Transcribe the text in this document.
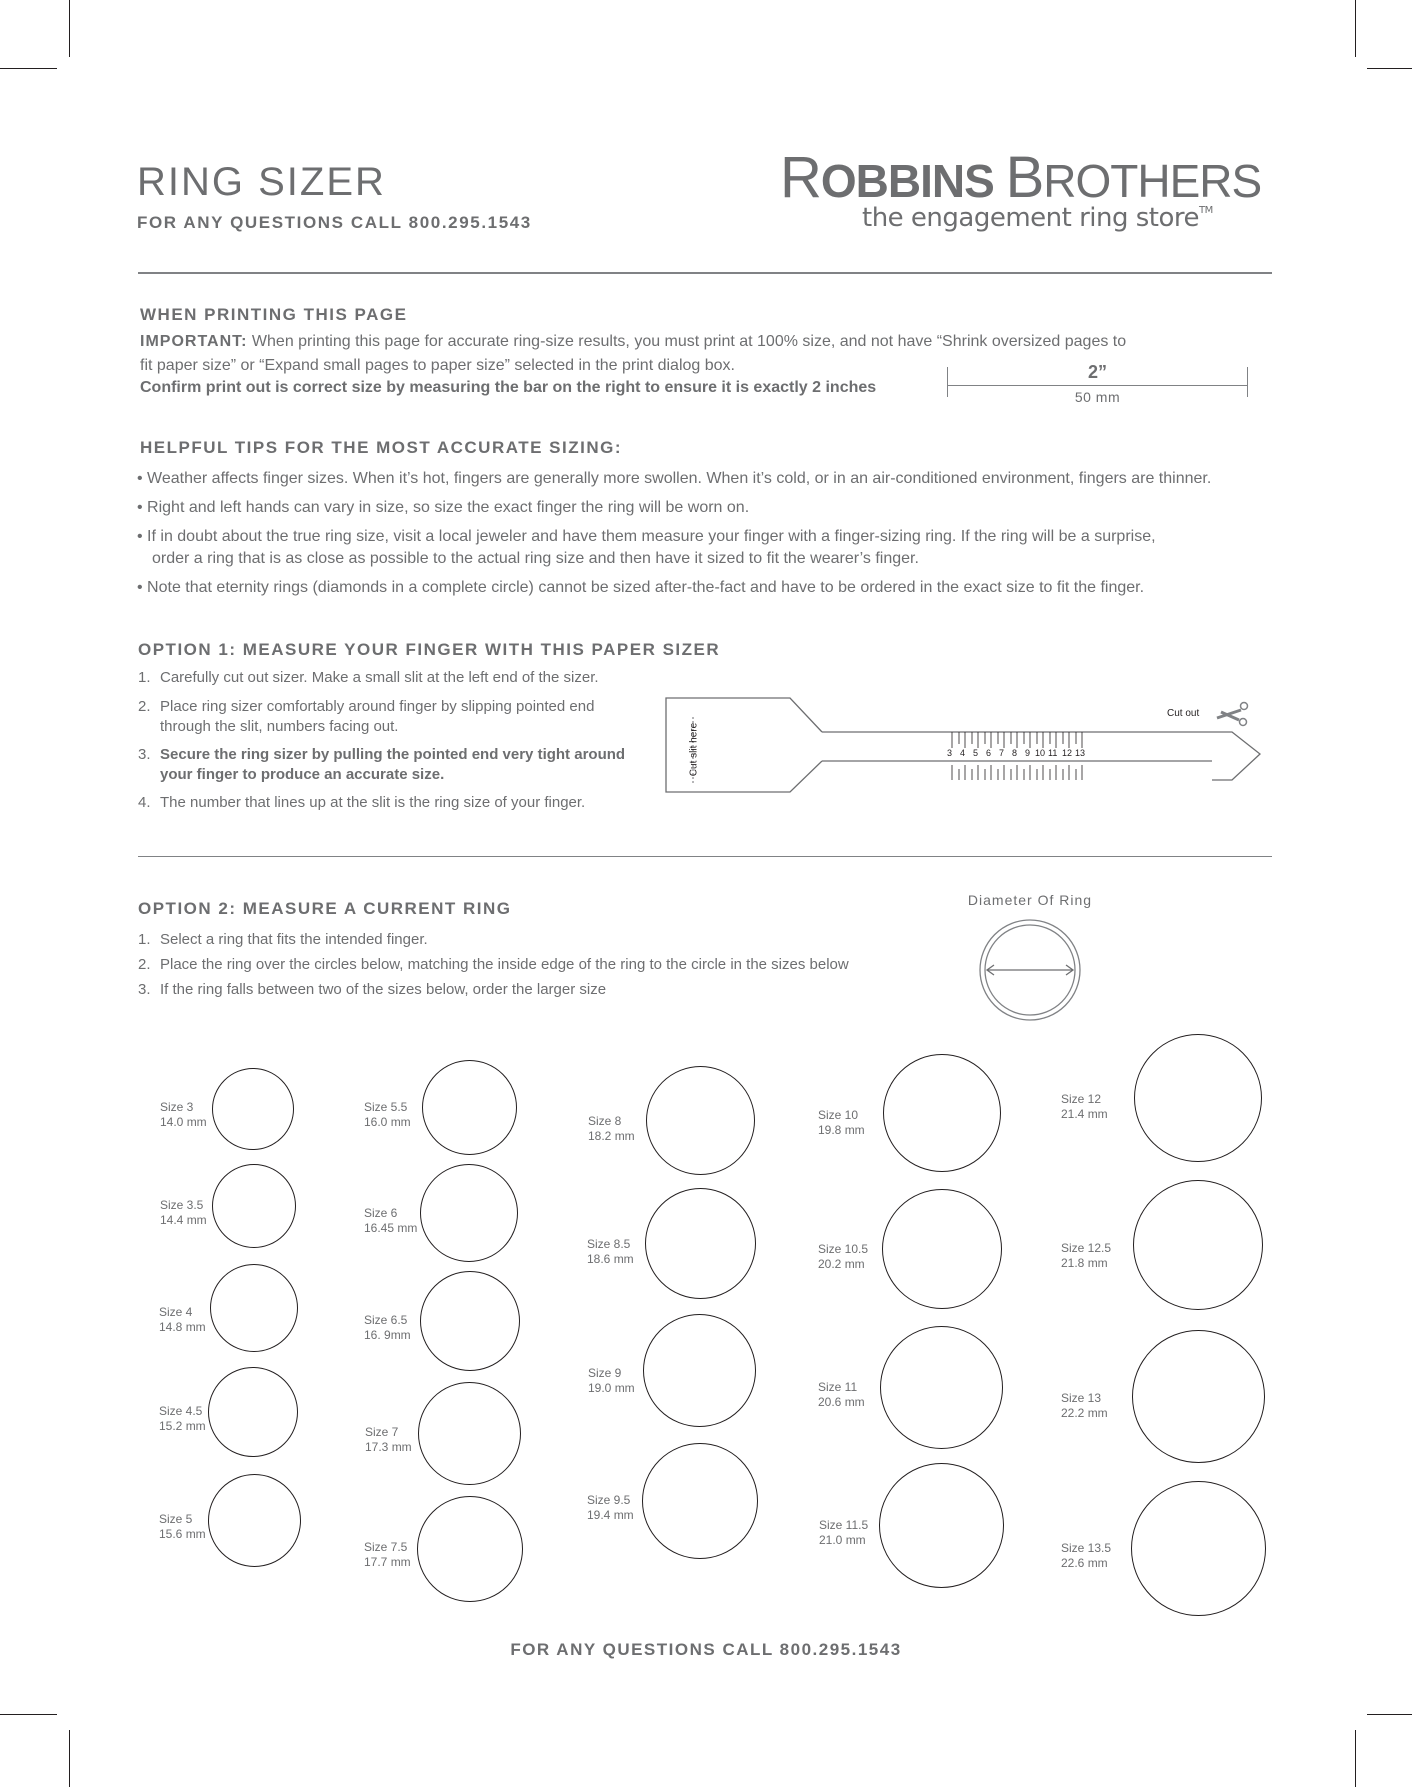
RING SIZER
FOR ANY QUESTIONS CALL 800.295.1543
ROBBINS BROTHERS
the engagement ring store™
WHEN PRINTING THIS PAGE
IMPORTANT: When printing this page for accurate ring-size results, you must print at 100% size, and not have “Shrink oversized pages to
fit paper size” or “Expand small pages to paper size” selected in the print dialog box.
Confirm print out is correct size by measuring the bar on the right to ensure it is exactly 2 inches
2”
50 mm
HELPFUL TIPS FOR THE MOST ACCURATE SIZING:
• Weather affects finger sizes. When it’s hot, fingers are generally more swollen. When it’s cold, or in an air-conditioned environment, fingers are thinner.
• Right and left hands can vary in size, so size the exact finger the ring will be worn on.
• If in doubt about the true ring size, visit a local jeweler and have them measure your finger with a finger-sizing ring. If the ring will be a surprise,
order a ring that is as close as possible to the actual ring size and then have it sized to fit the wearer’s finger.
• Note that eternity rings (diamonds in a complete circle) cannot be sized after-the-fact and have to be ordered in the exact size to fit the finger.
OPTION 1: MEASURE YOUR FINGER WITH THIS PAPER SIZER
1. Carefully cut out sizer. Make a small slit at the left end of the sizer.
2. Place ring sizer comfortably around finger by slipping pointed end
through the slit, numbers facing out.
3. Secure the ring sizer by pulling the pointed end very tight around
your finger to produce an accurate size.
4. The number that lines up at the slit is the ring size of your finger.
Cut slit here	3 4 5 6 7 8 9 10 11 12 13
Cut out
OPTION 2: MEASURE A CURRENT RING
1. Select a ring that fits the intended finger.
2. Place the ring over the circles below, matching the inside edge of the ring to the circle in the sizes below
3. If the ring falls between two of the sizes below, order the larger size
Diameter Of Ring
Size 3
14.0 mm
Size 3.5
14.4 mm
Size 4
14.8 mm
Size 4.5
15.2 mm
Size 5
15.6 mm
Size 5.5
16.0 mm
Size 6
16.45 mm
Size 6.5
16. 9mm
Size 7
17.3 mm
Size 7.5
17.7 mm
Size 8
18.2 mm
Size 8.5
18.6 mm
Size 9
19.0 mm
Size 9.5
19.4 mm
Size 10
19.8 mm
Size 10.5
20.2 mm
Size 11
20.6 mm
Size 11.5
21.0 mm
Size 12
21.4 mm
Size 12.5
21.8 mm
Size 13
22.2 mm
Size 13.5
22.6 mm
FOR ANY QUESTIONS CALL 800.295.1543
